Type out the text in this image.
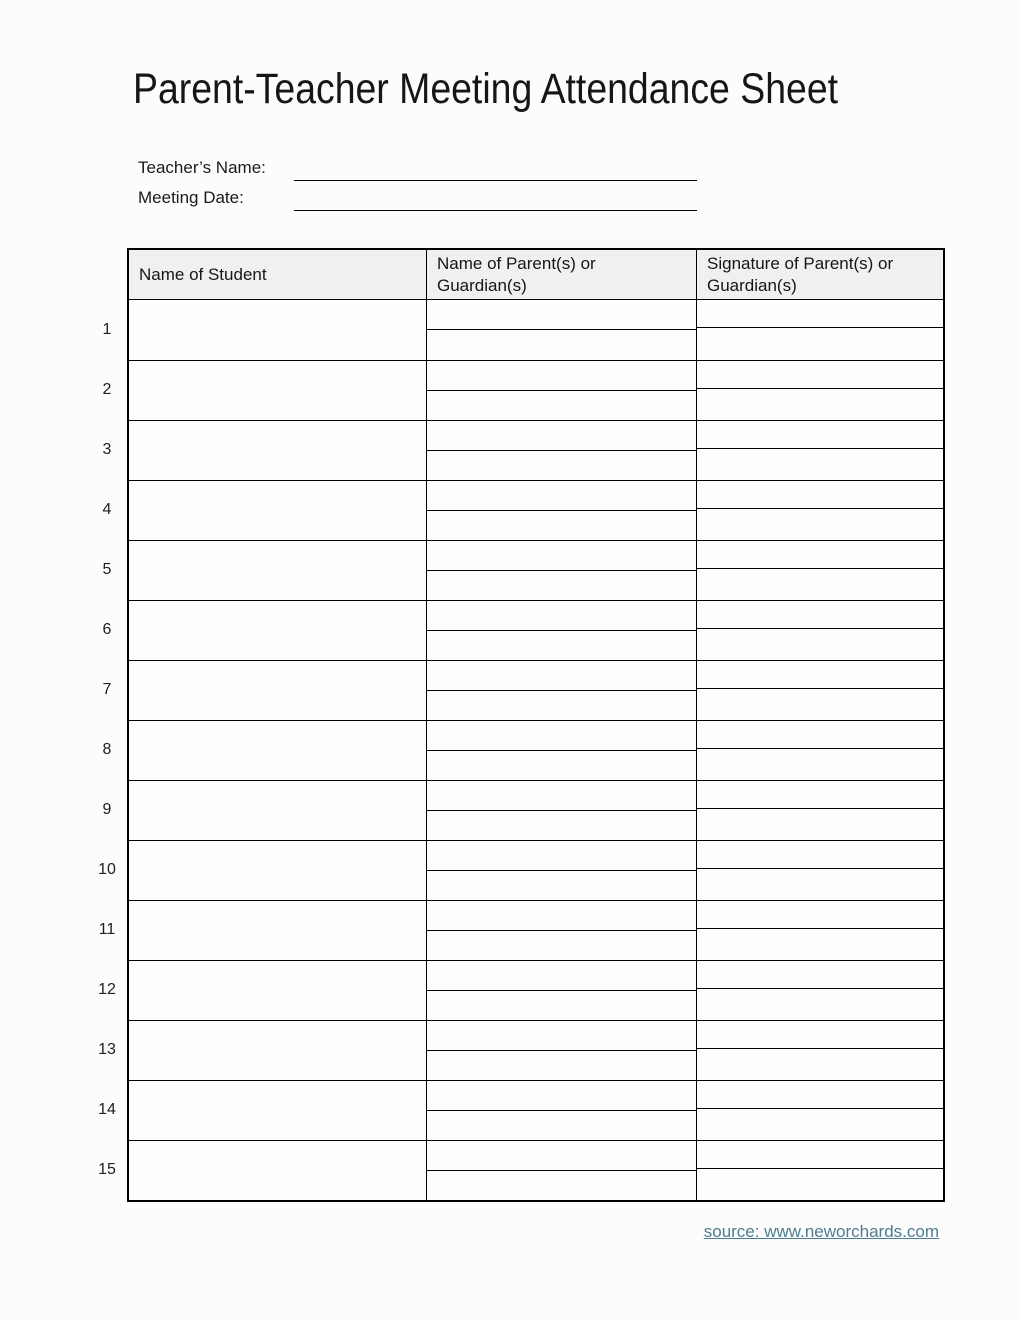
Parent-Teacher Meeting Attendance Sheet
Teacher’s Name:
Meeting Date:
1
2
3
4
5
6
7
8
9
10
11
12
13
14
15
Name of Student
Name of Parent(s) or Guardian(s)
Signature of Parent(s) or Guardian(s)
source: www.neworchards.com
